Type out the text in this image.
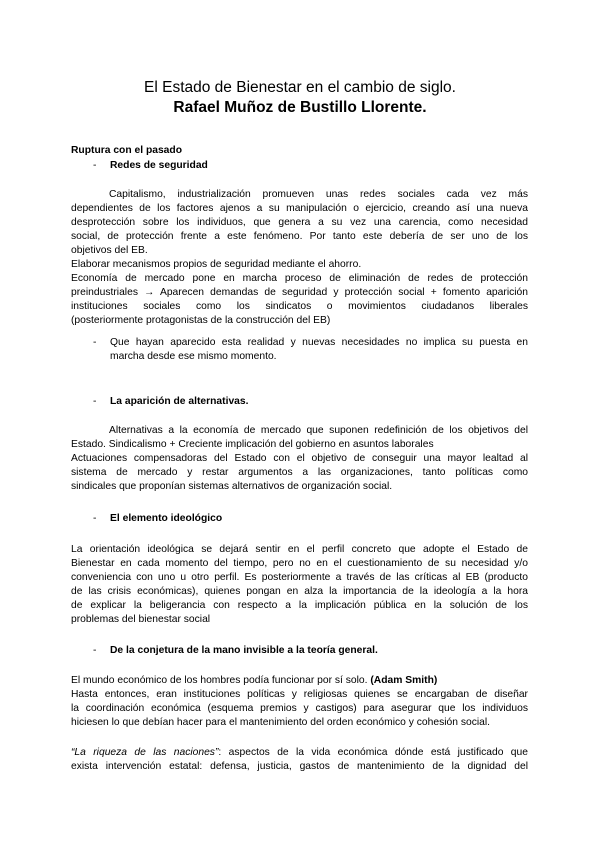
El Estado de Bienestar en el cambio de siglo.
Rafael Muñoz de Bustillo Llorente.
Ruptura con el pasado
- Redes de seguridad
Capitalismo, industrialización promueven unas redes sociales cada vez más
dependientes de los factores ajenos a su manipulación o ejercicio, creando así una nueva
desprotección sobre los individuos, que genera a su vez una carencia, como necesidad
social, de protección frente a este fenómeno. Por tanto este debería de ser uno de los
objetivos del EB.
Elaborar mecanismos propios de seguridad mediante el ahorro.
Economía de mercado pone en marcha proceso de eliminación de redes de protección
preindustriales → Aparecen demandas de seguridad y protección social + fomento aparición
instituciones sociales como los sindicatos o movimientos ciudadanos liberales
(posteriormente protagonistas de la construcción del EB)
- Que hayan aparecido esta realidad y nuevas necesidades no implica su puesta en
marcha desde ese mismo momento.
- La aparición de alternativas.
Alternativas a la economía de mercado que suponen redefinición de los objetivos del
Estado. Sindicalismo + Creciente implicación del gobierno en asuntos laborales
Actuaciones compensadoras del Estado con el objetivo de conseguir una mayor lealtad al
sistema de mercado y restar argumentos a las organizaciones, tanto políticas como
sindicales que proponían sistemas alternativos de organización social.
- El elemento ideológico
La orientación ideológica se dejará sentir en el perfil concreto que adopte el Estado de
Bienestar en cada momento del tiempo, pero no en el cuestionamiento de su necesidad y/o
conveniencia con uno u otro perfil. Es posteriormente a través de las críticas al EB (producto
de las crisis económicas), quienes pongan en alza la importancia de la ideología a la hora
de explicar la beligerancia con respecto a la implicación pública en la solución de los
problemas del bienestar social
- De la conjetura de la mano invisible a la teoría general.
El mundo económico de los hombres podía funcionar por sí solo. (Adam Smith)
Hasta entonces, eran instituciones políticas y religiosas quienes se encargaban de diseñar
la coordinación económica (esquema premios y castigos) para asegurar que los individuos
hiciesen lo que debían hacer para el mantenimiento del orden económico y cohesión social.
“La riqueza de las naciones”: aspectos de la vida económica dónde está justificado que
exista intervención estatal: defensa, justicia, gastos de mantenimiento de la dignidad del
